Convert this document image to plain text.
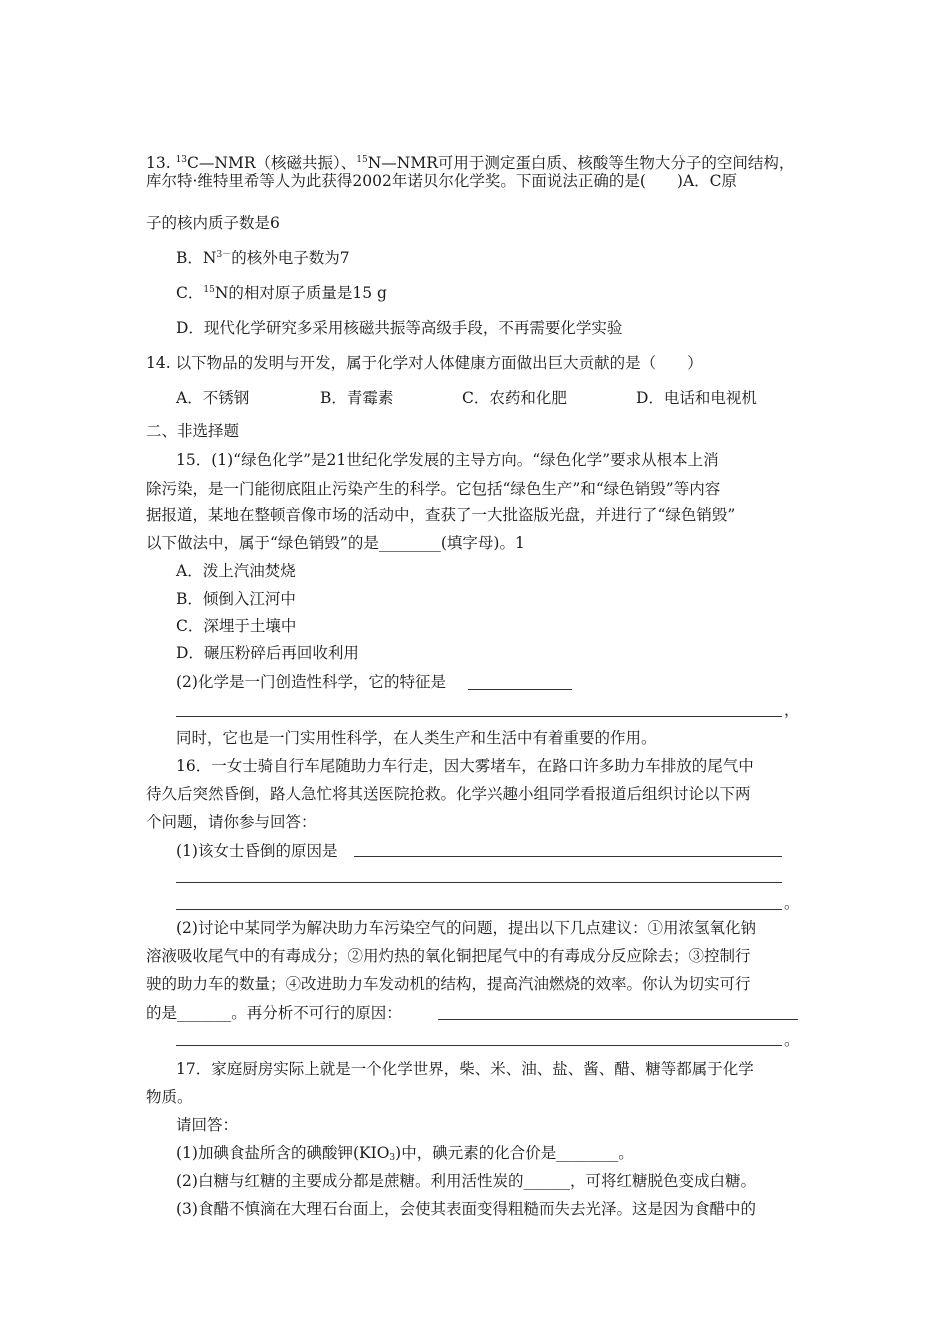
13. $^{13}$C—NMR（核磁共振）、$^{15}$N—NMR可用于测定蛋白质、核酸等生物大分子的空间结构，
库尔特·维特里希等人为此获得2002年诺贝尔化学奖。下面说法正确的是(　　)A．C原
子的核内质子数是6
B．$N^{3-}$的核外电子数为7
C．$^{15}$N的相对原子质量是15 g
D．现代化学研究多采用核磁共振等高级手段，不再需要化学实验
14. 以下物品的发明与开发，属于化学对人体健康方面做出巨大贡献的是（　　）
A．不锈钢	B．青霉素	C．农药和化肥	D．电话和电视机
二、非选择题
15．(1)“绿色化学”是21世纪化学发展的主导方向。“绿色化学”要求从根本上消
除污染，是一门能彻底阻止污染产生的科学。它包括“绿色生产”和“绿色销毁”等内容
据报道，某地在整顿音像市场的活动中，查获了一大批盗版光盘，并进行了“绿色销毁”
以下做法中，属于“绿色销毁”的是________(填字母)。1
A．泼上汽油焚烧
B．倾倒入江河中
C．深埋于土壤中
D．碾压粉碎后再回收利用
(2)化学是一门创造性科学，它的特征是
，
同时，它也是一门实用性科学，在人类生产和生活中有着重要的作用。
16．一女士骑自行车尾随助力车行走，因大雾堵车，在路口许多助力车排放的尾气中
待久后突然昏倒，路人急忙将其送医院抢救。化学兴趣小组同学看报道后组织讨论以下两
个问题，请你参与回答：
(1)该女士昏倒的原因是
。
(2)讨论中某同学为解决助力车污染空气的问题，提出以下几点建议：①用浓氢氧化钠
溶液吸收尾气中的有毒成分；②用灼热的氧化铜把尾气中的有毒成分反应除去；③控制行
驶的助力车的数量；④改进助力车发动机的结构，提高汽油燃烧的效率。你认为切实可行
的是_______。再分析不可行的原因：
。
17．家庭厨房实际上就是一个化学世界，柴、米、油、盐、酱、醋、糖等都属于化学
物质。
请回答：
(1)加碘食盐所含的碘酸钾$(KIO_3)$中，碘元素的化合价是________。
(2)白糖与红糖的主要成分都是蔗糖。利用活性炭的______，可将红糖脱色变成白糖。
(3)食醋不慎滴在大理石台面上，会使其表面变得粗糙而失去光泽。这是因为食醋中的
